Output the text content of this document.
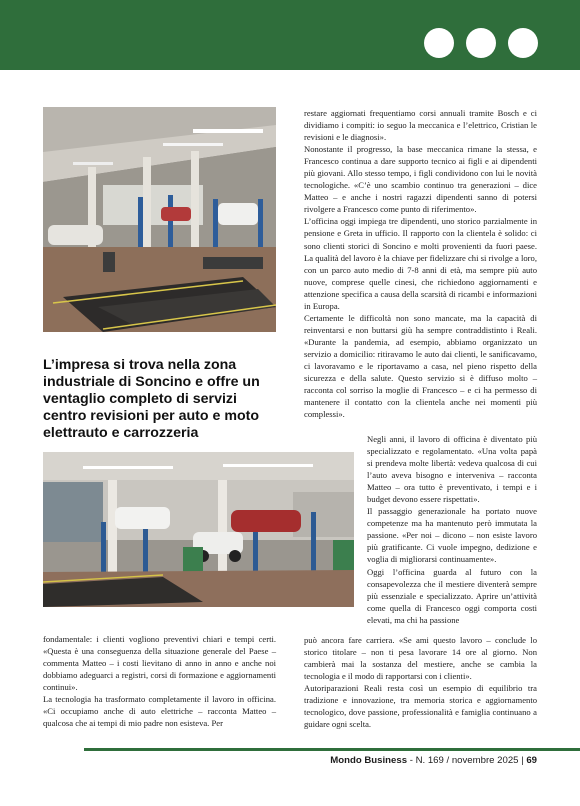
L’impresa si trova nella zona industriale di Soncino e offre un ventaglio completo di servizi centro revisioni per auto e moto elettrauto e carrozzeria

fondamentale: i clienti vogliono preventivi chiari e tempi certi. «Questa è una conseguenza della situazione generale del Paese – commenta Matteo – i costi lievitano di anno in anno e anche noi dobbiamo adeguarci a registri, corsi di formazione e aggiornamenti continui».

La tecnologia ha trasformato completamente il lavoro in officina. «Ci occupiamo anche di auto elettriche – racconta Matteo – qualcosa che ai tempi di mio padre non esisteva. Per

restare aggiornati frequentiamo corsi annuali tramite Bosch e ci dividiamo i compiti: io seguo la meccanica e l’elettrico, Cristian le revisioni e le diagnosi».

Nonostante il progresso, la base meccanica rimane la stessa, e Francesco continua a dare supporto tecnico ai figli e ai dipendenti più giovani. Allo stesso tempo, i figli condividono con lui le novità tecnologiche. «C’è uno scambio continuo tra generazioni – dice Matteo – e anche i nostri ragazzi dipendenti sanno di potersi rivolgere a Francesco come punto di riferimento».

L’officina oggi impiega tre dipendenti, uno storico parzialmente in pensione e Greta in ufficio. Il rapporto con la clientela è solido: ci sono clienti storici di Soncino e molti provenienti da fuori paese. La qualità del lavoro è la chiave per fidelizzare chi si rivolge a loro, con un parco auto medio di 7-8 anni di età, ma sempre più auto nuove, comprese quelle cinesi, che richiedono aggiornamenti e attenzione specifica a causa della scarsità di ricambi e informazioni in Europa.

Certamente le difficoltà non sono mancate, ma la capacità di reinventarsi e non buttarsi giù ha sempre contraddistinto i Reali. «Durante la pandemia, ad esempio, abbiamo organizzato un servizio a domicilio: ritiravamo le auto dai clienti, le sanificavamo, ci lavoravamo e le riportavamo a casa, nel pieno rispetto della sicurezza e della salute. Questo servizio si è diffuso molto – racconta col sorriso la moglie di Francesco – e ci ha permesso di mantenere il contatto con la clientela anche nei momenti più complessi».

Negli anni, il lavoro di officina è diventato più specializzato e regolamentato. «Una volta papà si prendeva molte libertà: vedeva qualcosa di cui l’auto aveva bisogno e interveniva – racconta Matteo – ora tutto è preventivato, i tempi e i budget devono essere rispettati».

Il passaggio generazionale ha portato nuove competenze ma ha mantenuto però immutata la passione. «Per noi – dicono – non esiste lavoro più gratificante. Ci vuole impegno, dedizione e voglia di migliorarsi continuamente».

Oggi l’officina guarda al futuro con la consapevolezza che il mestiere diventerà sempre più essenziale e specializzato. Aprire un’attività come quella di Francesco oggi comporta costi elevati, ma chi ha passione

può ancora fare carriera. «Se ami questo lavoro – conclude lo storico titolare – non ti pesa lavorare 14 ore al giorno. Non cambierà mai la sostanza del mestiere, anche se cambia la tecnologia e il modo di rapportarsi con i clienti».

Autoriparazioni Reali resta così un esempio di equilibrio tra tradizione e innovazione, tra memoria storica e aggiornamento tecnologico, dove passione, professionalità e famiglia continuano a guidare ogni scelta.

Mondo Business - N. 169 / novembre 2025 | 69
